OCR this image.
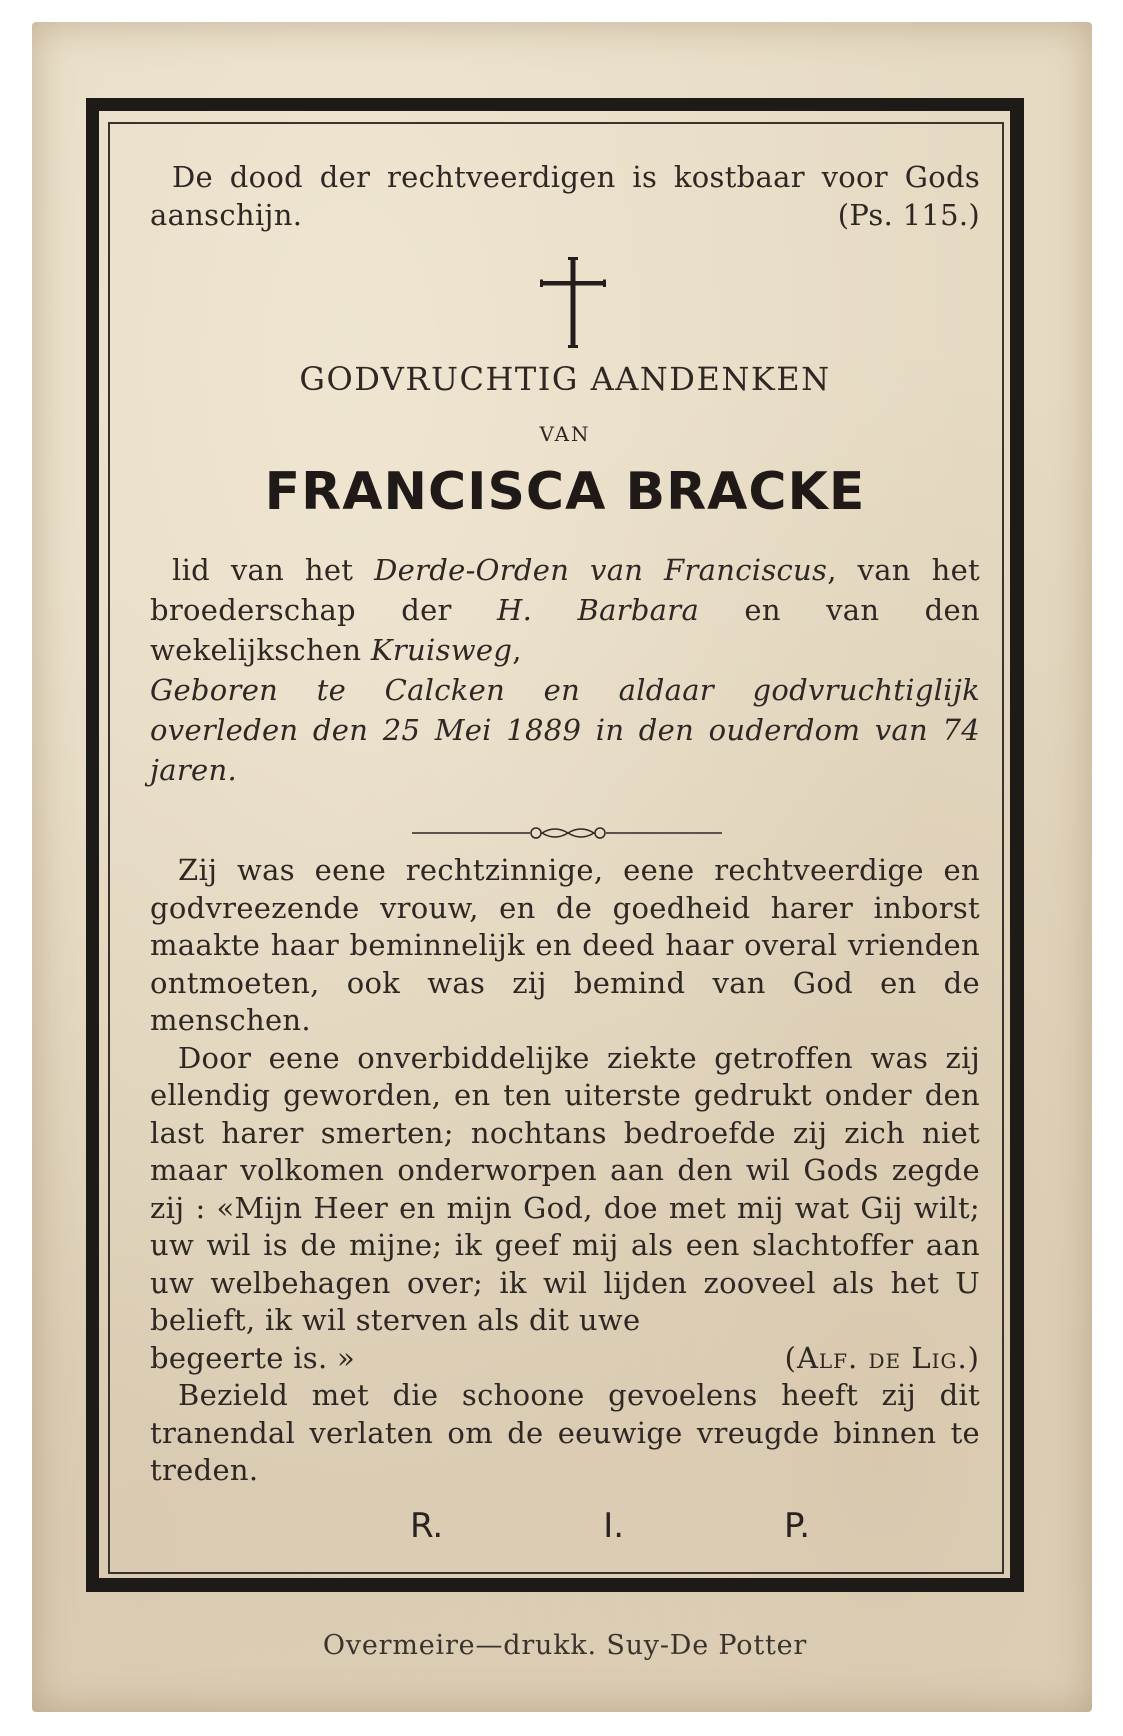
De dood der rechtveerdigen is kostbaar voor Gods
aanschijn.	(Ps. 115.)
GODVRUCHTIG AANDENKEN
VAN
FRANCISCA BRACKE

lid van het Derde-Orden van Franciscus, van het broederschap der H. Barbara en van den wekelijkschen Kruisweg,

Geboren te Calcken en aldaar godvruchtiglijk overleden den 25 Mei 1889 in den ouderdom van 74 jaren.

Zij was eene rechtzinnige, eene rechtveerdige en godvreezende vrouw, en de goedheid harer inborst maakte haar beminnelijk en deed haar overal vrienden ontmoeten, ook was zij bemind van God en de menschen.

Door eene onverbiddelijke ziekte getroffen was zij ellendig geworden, en ten uiterste gedrukt onder den last harer smerten; nochtans bedroefde zij zich niet maar volkomen onderworpen aan den wil Gods zegde zij : «Mijn Heer en mijn God, doe met mij wat Gij wilt; uw wil is de mijne; ik geef mij als een slachtoffer aan uw welbehagen over; ik wil lijden zooveel als het U belieft, ik wil sterven als dit uwe

begeerte is. »	(Alf. de Lig.)

Bezield met die schoone gevoelens heeft zij dit tranendal verlaten om de eeuwige vreugde binnen te treden.

R.	I.	P.
Overmeire—drukk. Suy-De Potter
